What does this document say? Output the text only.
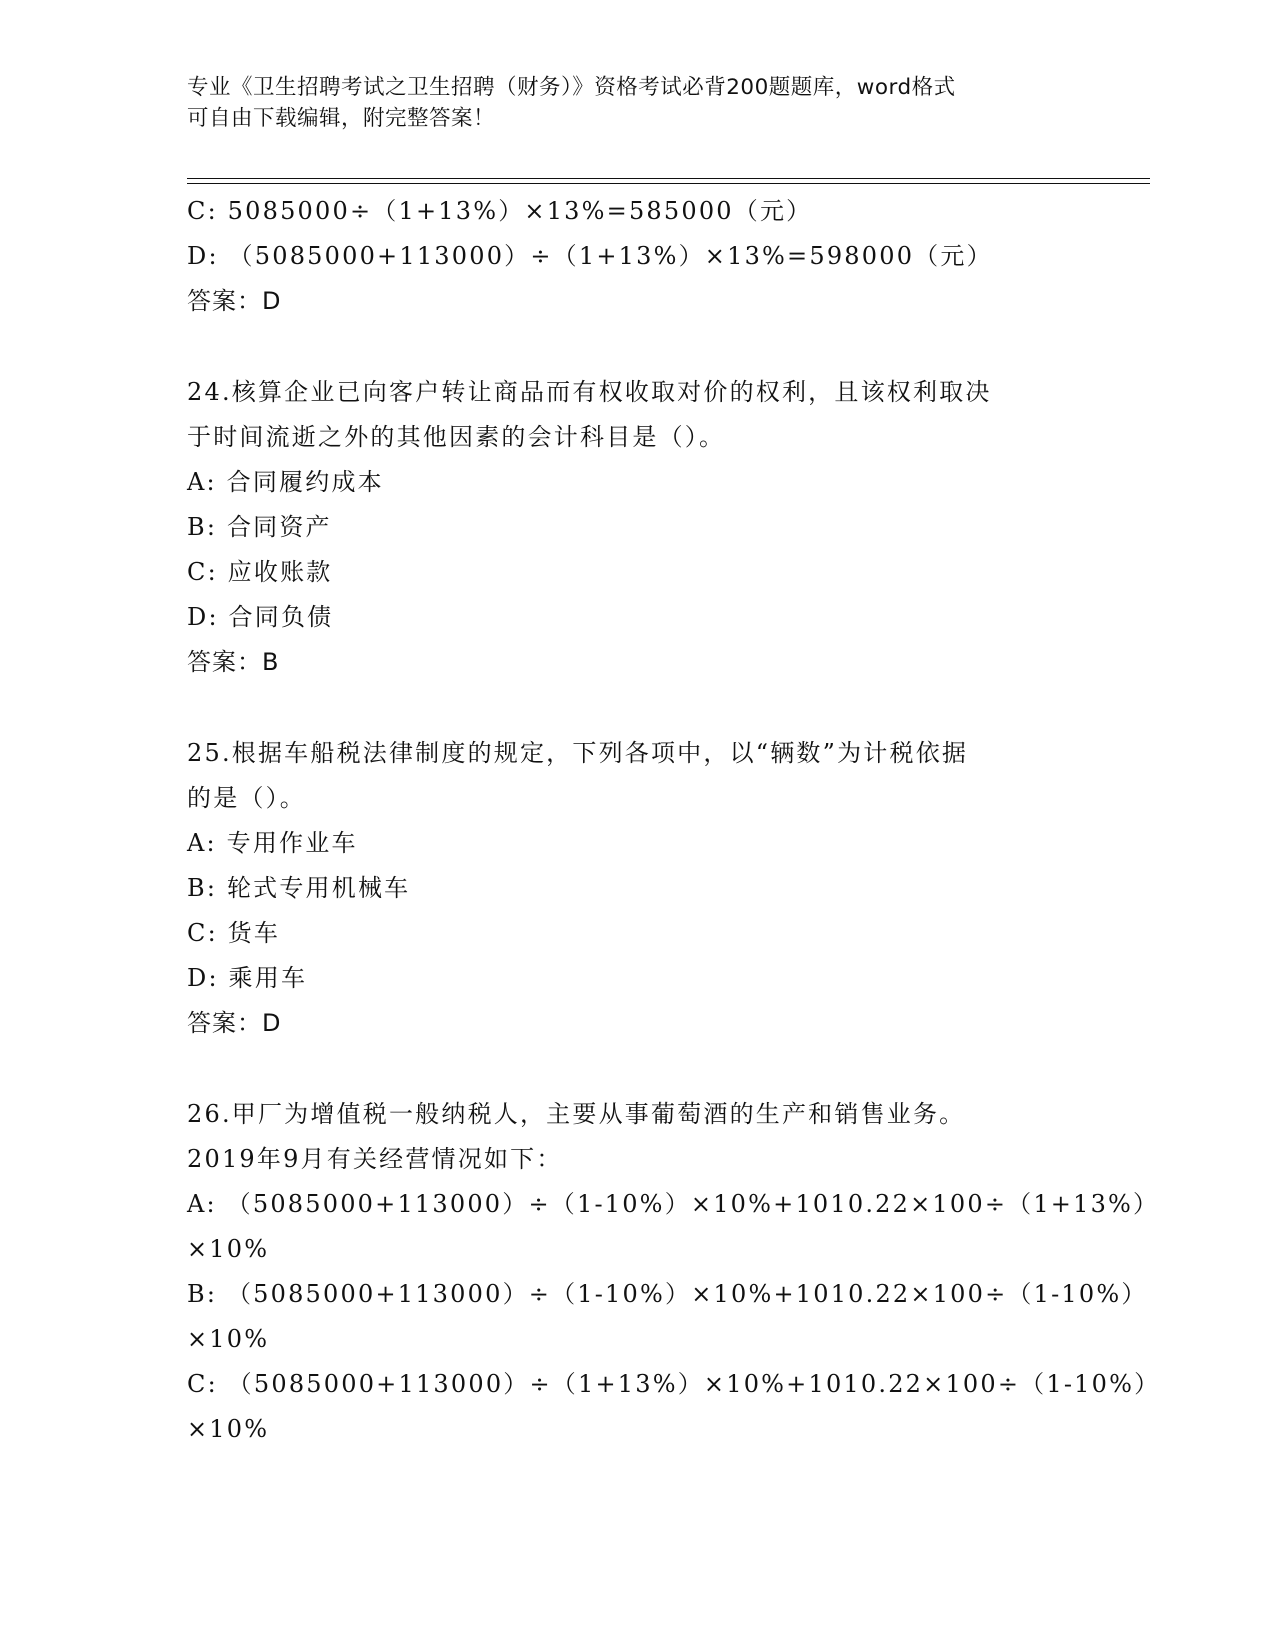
专业《卫生招聘考试之卫生招聘（财务）》资格考试必背200题题库，word格式
可自由下载编辑，附完整答案！
C: 5085000÷（1+13%）×13%=585000（元）
D: （5085000+113000）÷（1+13%）×13%=598000（元）
答案：D
24.核算企业已向客户转让商品而有权收取对价的权利，且该权利取决
于时间流逝之外的其他因素的会计科目是（）。
A: 合同履约成本
B: 合同资产
C: 应收账款
D: 合同负债
答案：B
25.根据车船税法律制度的规定，下列各项中，以“辆数”为计税依据
的是（）。
A: 专用作业车
B: 轮式专用机械车
C: 货车
D: 乘用车
答案：D
26.甲厂为增值税一般纳税人，主要从事葡萄酒的生产和销售业务。
2019年9月有关经营情况如下：
A: （5085000+113000）÷（1-10%）×10%+1010.22×100÷（1+13%）
×10%
B: （5085000+113000）÷（1-10%）×10%+1010.22×100÷（1-10%）
×10%
C: （5085000+113000）÷（1+13%）×10%+1010.22×100÷（1-10%）
×10%
